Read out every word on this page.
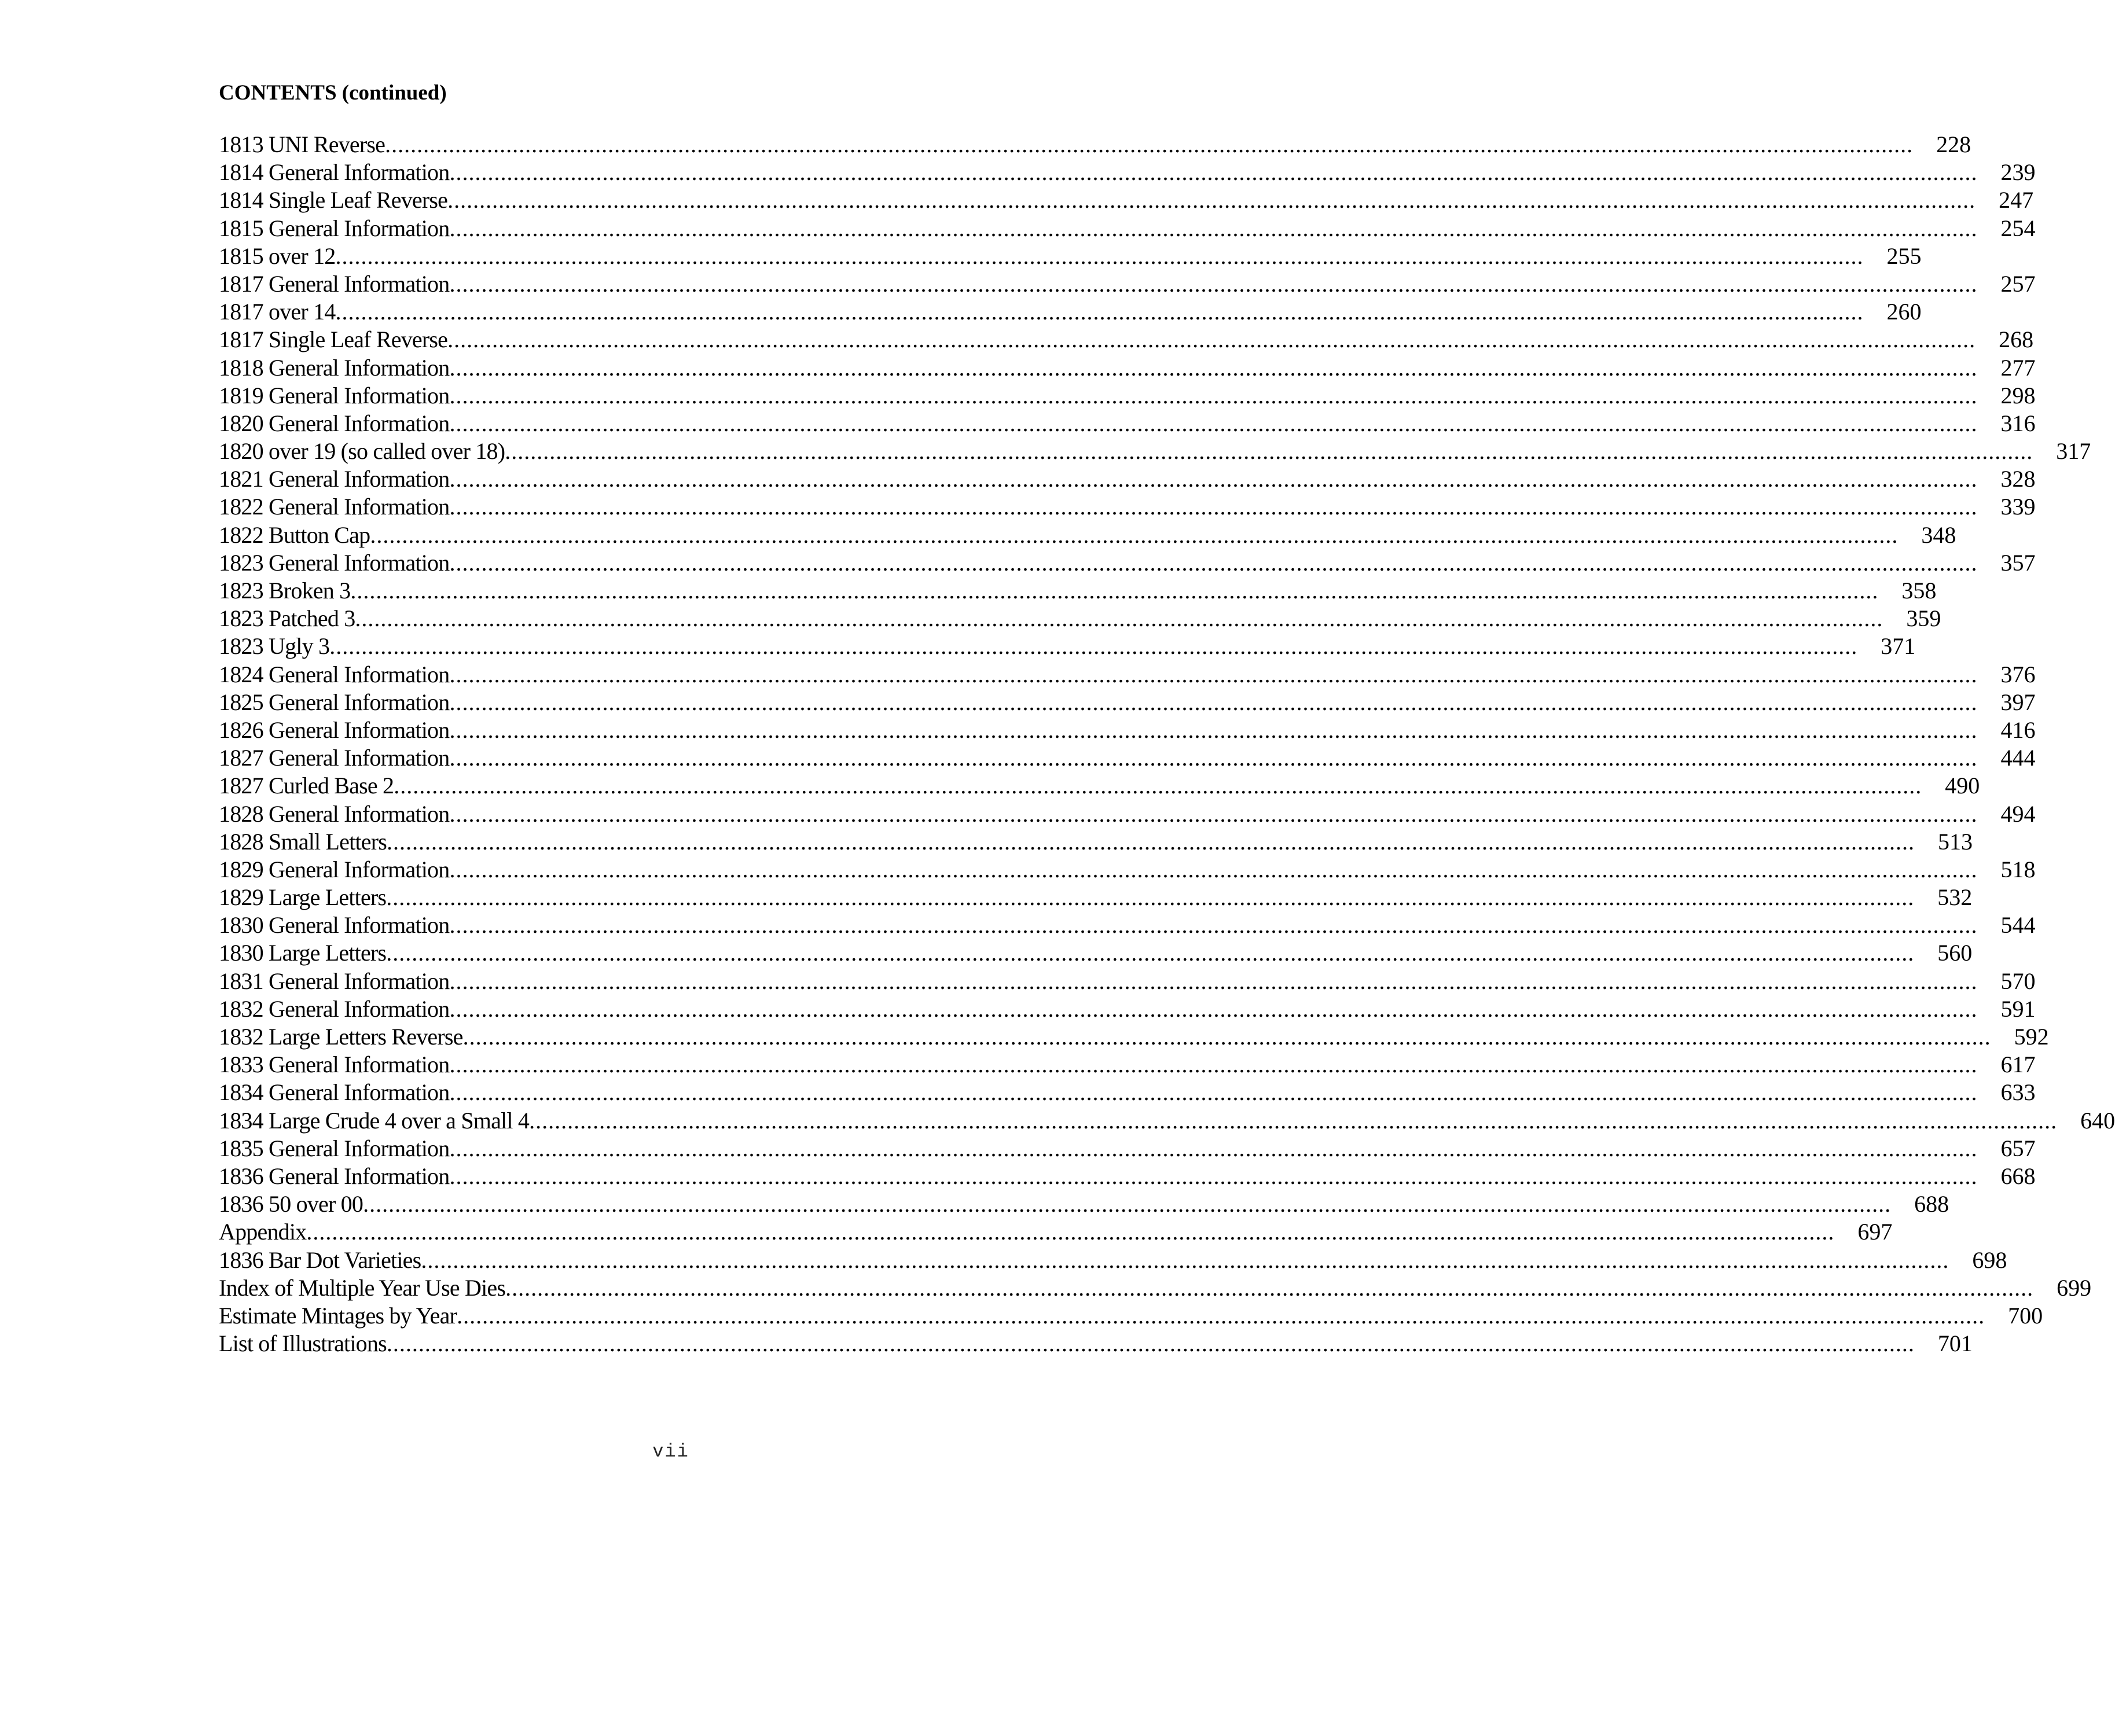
CONTENTS (continued)
1813 UNI Reverse ................................................................................................................................................................................................................................................	228
1814 General Information ................................................................................................................................................................................................................................................	239
1814 Single Leaf Reverse ................................................................................................................................................................................................................................................	247
1815 General Information ................................................................................................................................................................................................................................................	254
1815 over 12 ................................................................................................................................................................................................................................................	255
1817 General Information ................................................................................................................................................................................................................................................	257
1817 over 14 ................................................................................................................................................................................................................................................	260
1817 Single Leaf Reverse ................................................................................................................................................................................................................................................	268
1818 General Information ................................................................................................................................................................................................................................................	277
1819 General Information ................................................................................................................................................................................................................................................	298
1820 General Information ................................................................................................................................................................................................................................................	316
1820 over 19 (so called over 18) ................................................................................................................................................................................................................................................	317
1821 General Information ................................................................................................................................................................................................................................................	328
1822 General Information ................................................................................................................................................................................................................................................	339
1822 Button Cap ................................................................................................................................................................................................................................................	348
1823 General Information ................................................................................................................................................................................................................................................	357
1823 Broken 3 ................................................................................................................................................................................................................................................	358
1823 Patched 3 ................................................................................................................................................................................................................................................	359
1823 Ugly 3 ................................................................................................................................................................................................................................................	371
1824 General Information ................................................................................................................................................................................................................................................	376
1825 General Information ................................................................................................................................................................................................................................................	397
1826 General Information ................................................................................................................................................................................................................................................	416
1827 General Information ................................................................................................................................................................................................................................................	444
1827 Curled Base 2 ................................................................................................................................................................................................................................................	490
1828 General Information ................................................................................................................................................................................................................................................	494
1828 Small Letters ................................................................................................................................................................................................................................................	513
1829 General Information ................................................................................................................................................................................................................................................	518
1829 Large Letters ................................................................................................................................................................................................................................................	532
1830 General Information ................................................................................................................................................................................................................................................	544
1830 Large Letters ................................................................................................................................................................................................................................................	560
1831 General Information ................................................................................................................................................................................................................................................	570
1832 General Information ................................................................................................................................................................................................................................................	591
1832 Large Letters Reverse ................................................................................................................................................................................................................................................	592
1833 General Information ................................................................................................................................................................................................................................................	617
1834 General Information ................................................................................................................................................................................................................................................	633
1834 Large Crude 4 over a Small 4 ................................................................................................................................................................................................................................................	640
1835 General Information ................................................................................................................................................................................................................................................	657
1836 General Information ................................................................................................................................................................................................................................................	668
1836 50 over 00 ................................................................................................................................................................................................................................................	688
Appendix ................................................................................................................................................................................................................................................	697
1836 Bar Dot Varieties ................................................................................................................................................................................................................................................	698
Index of Multiple Year Use Dies ................................................................................................................................................................................................................................................	699
Estimate Mintages by Year ................................................................................................................................................................................................................................................	700
List of Illustrations ................................................................................................................................................................................................................................................	701
vii
